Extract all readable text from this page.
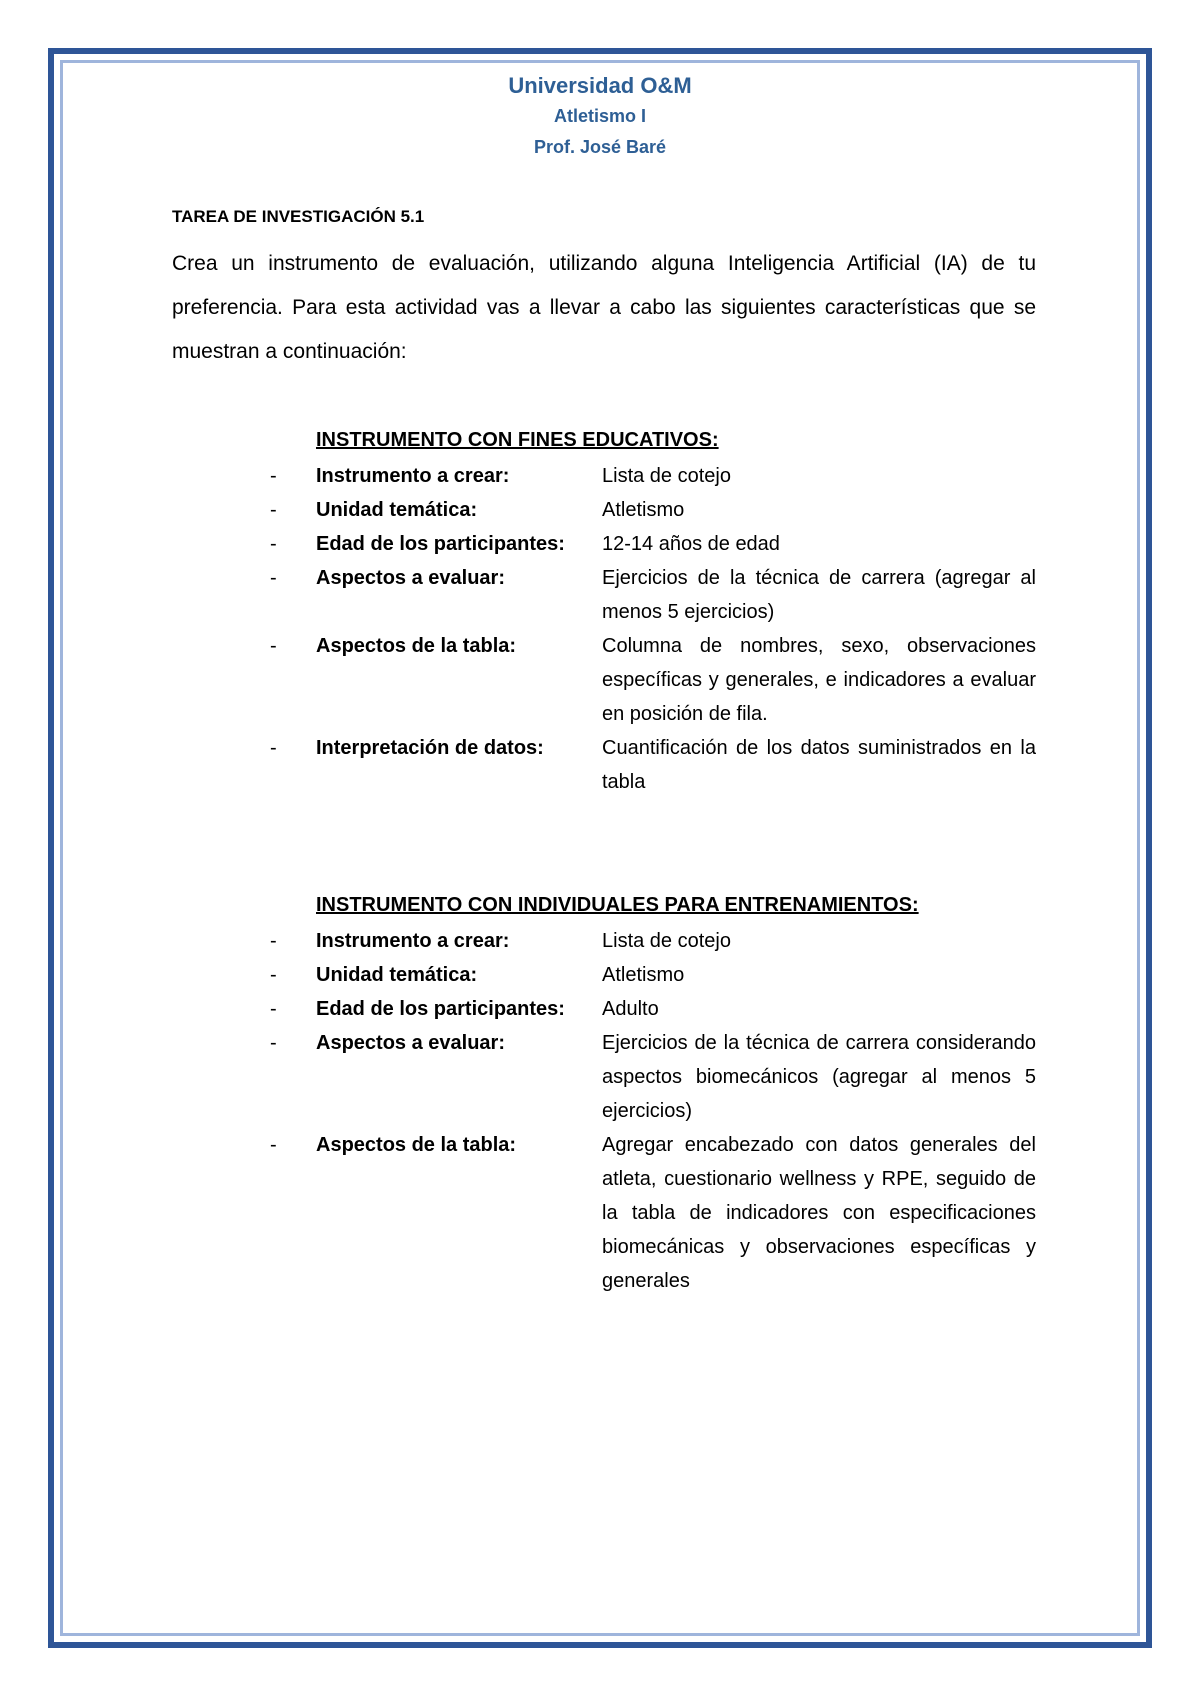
Universidad O&M
Atletismo I
Prof. José Baré
TAREA DE INVESTIGACIÓN 5.1

Crea un instrumento de evaluación, utilizando alguna Inteligencia Artificial (IA) de tu preferencia. Para esta actividad vas a llevar a cabo las siguientes características que se muestran a continuación:

INSTRUMENTO CON FINES EDUCATIVOS:
-	Instrumento a crear:	Lista de cotejo
-	Unidad temática:	Atletismo
-	Edad de los participantes:	12-14 años de edad
-	Aspectos a evaluar:	Ejercicios de la técnica de carrera (agregar al menos 5 ejercicios)
-	Aspectos de la tabla:	Columna de nombres, sexo, observaciones específicas y generales, e indicadores a evaluar en posición de fila.
-	Interpretación de datos:	Cuantificación de los datos suministrados en la tabla
INSTRUMENTO CON INDIVIDUALES PARA ENTRENAMIENTOS:
-	Instrumento a crear:	Lista de cotejo
-	Unidad temática:	Atletismo
-	Edad de los participantes:	Adulto
-	Aspectos a evaluar:	Ejercicios de la técnica de carrera considerando aspectos biomecánicos (agregar al menos 5 ejercicios)
-	Aspectos de la tabla:	Agregar encabezado con datos generales del atleta, cuestionario wellness y RPE, seguido de la tabla de indicadores con especificaciones biomecánicas y observaciones específicas y generales
